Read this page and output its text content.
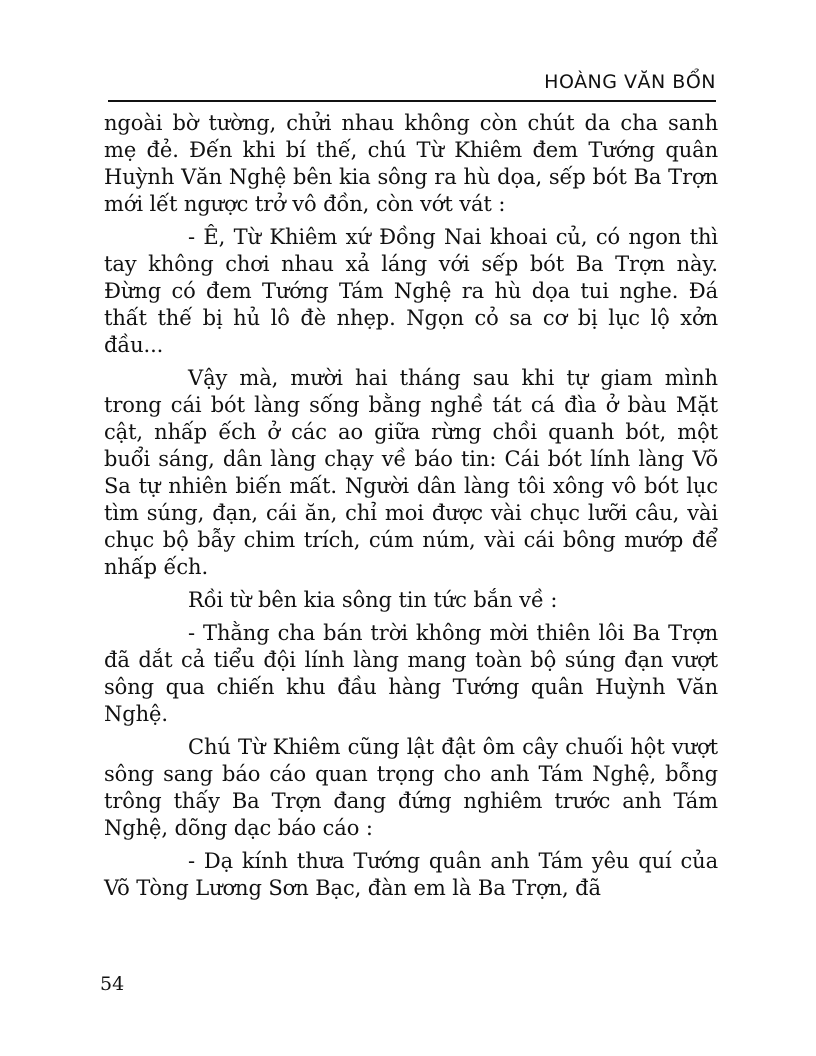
HOÀNG VĂN BỔN

ngoài bờ tường, chửi nhau không còn chút da cha sanh mẹ đẻ. Đến khi bí thế, chú Từ Khiêm đem Tướng quân Huỳnh Văn Nghệ bên kia sông ra hù dọa, sếp bót Ba Trợn mới lết ngược trở vô đồn, còn vớt vát :

- Ê, Từ Khiêm xứ Đồng Nai khoai củ, có ngon thì tay không chơi nhau xả láng với sếp bót Ba Trợn này. Đừng có đem Tướng Tám Nghệ ra hù dọa tui nghe. Đá thất thế bị hủ lô đè nhẹp. Ngọn cỏ sa cơ bị lục lộ xởn đầu...

Vậy mà, mười hai tháng sau khi tự giam mình trong cái bót làng sống bằng nghề tát cá đìa ở bàu Mặt cật, nhấp ếch ở các ao giữa rừng chồi quanh bót, một buổi sáng, dân làng chạy về báo tin: Cái bót lính làng Võ Sa tự nhiên biến mất. Người dân làng tôi xông vô bót lục tìm súng, đạn, cái ăn, chỉ moi được vài chục lưỡi câu, vài chục bộ bẫy chim trích, cúm núm, vài cái bông mướp để nhấp ếch.

Rồi từ bên kia sông tin tức bắn về :

- Thằng cha bán trời không mời thiên lôi Ba Trợn đã dắt cả tiểu đội lính làng mang toàn bộ súng đạn vượt sông qua chiến khu đầu hàng Tướng quân Huỳnh Văn Nghệ.

Chú Từ Khiêm cũng lật đật ôm cây chuối hột vượt sông sang báo cáo quan trọng cho anh Tám Nghệ, bỗng trông thấy Ba Trợn đang đứng nghiêm trước anh Tám Nghệ, dõng dạc báo cáo :

- Dạ kính thưa Tướng quân anh Tám yêu quí của Võ Tòng Lương Sơn Bạc, đàn em là Ba Trợn, đã

54
